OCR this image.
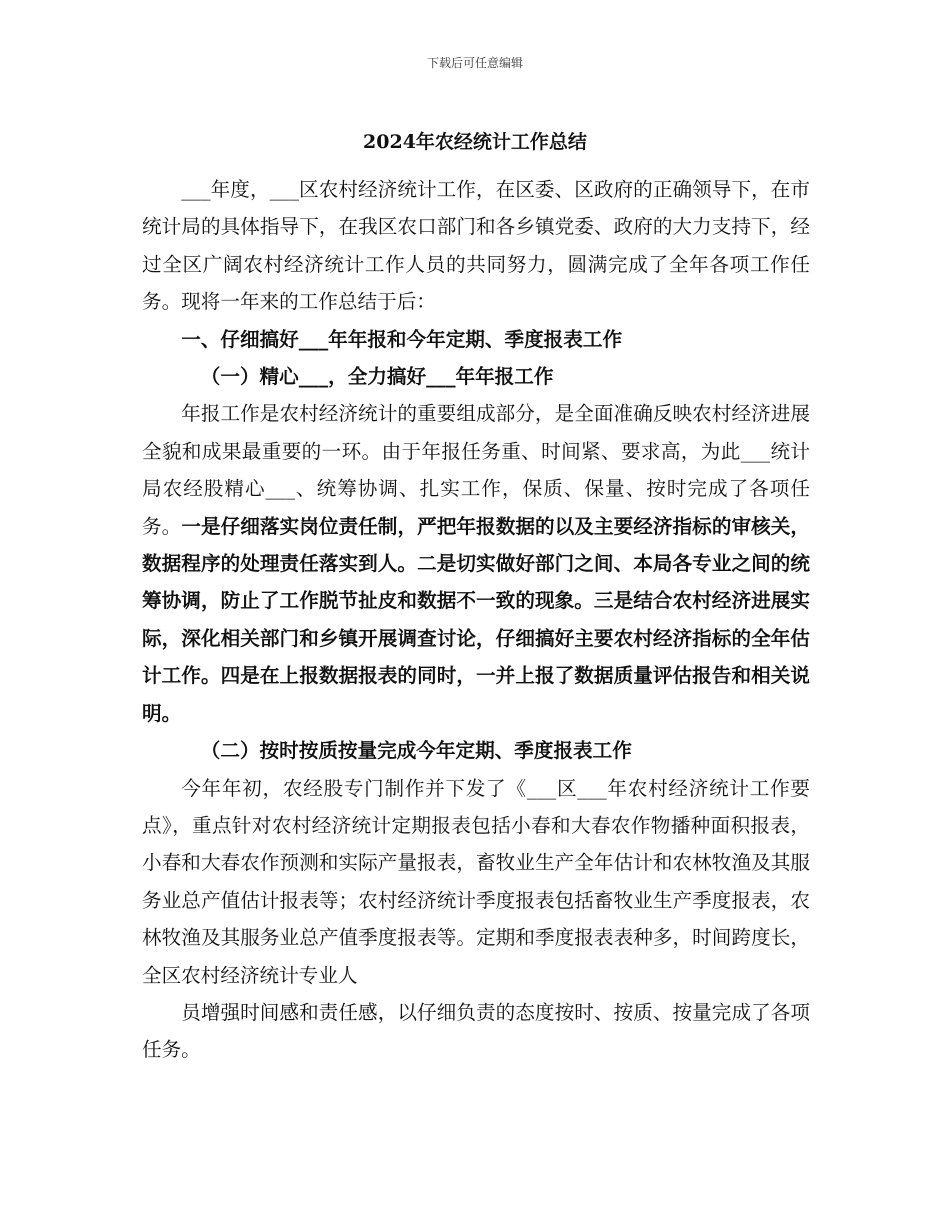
下载后可任意编辑
2024年农经统计工作总结

___年度，___区农村经济统计工作，在区委、区政府的正确领导下，在市统计局的具体指导下，在我区农口部门和各乡镇党委、政府的大力支持下，经过全区广阔农村经济统计工作人员的共同努力，圆满完成了全年各项工作任务。现将一年来的工作总结于后：

一、仔细搞好___年年报和今年定期、季度报表工作

（一）精心___，全力搞好___年年报工作

年报工作是农村经济统计的重要组成部分，是全面准确反映农村经济进展全貌和成果最重要的一环。由于年报任务重、时间紧、要求高，为此___统计局农经股精心___、统筹协调、扎实工作，保质、保量、按时完成了各项任务。一是仔细落实岗位责任制，严把年报数据的以及主要经济指标的审核关，数据程序的处理责任落实到人。二是切实做好部门之间、本局各专业之间的统筹协调，防止了工作脱节扯皮和数据不一致的现象。三是结合农村经济进展实际，深化相关部门和乡镇开展调查讨论，仔细搞好主要农村经济指标的全年估计工作。四是在上报数据报表的同时，一并上报了数据质量评估报告和相关说明。

（二）按时按质按量完成今年定期、季度报表工作

今年年初，农经股专门制作并下发了《___区___年农村经济统计工作要点》，重点针对农村经济统计定期报表包括小春和大春农作物播种面积报表，小春和大春农作预测和实际产量报表，畜牧业生产全年估计和农林牧渔及其服务业总产值估计报表等；农村经济统计季度报表包括畜牧业生产季度报表，农林牧渔及其服务业总产值季度报表等。定期和季度报表表种多，时间跨度长，全区农村经济统计专业人

员增强时间感和责任感，以仔细负责的态度按时、按质、按量完成了各项任务。
